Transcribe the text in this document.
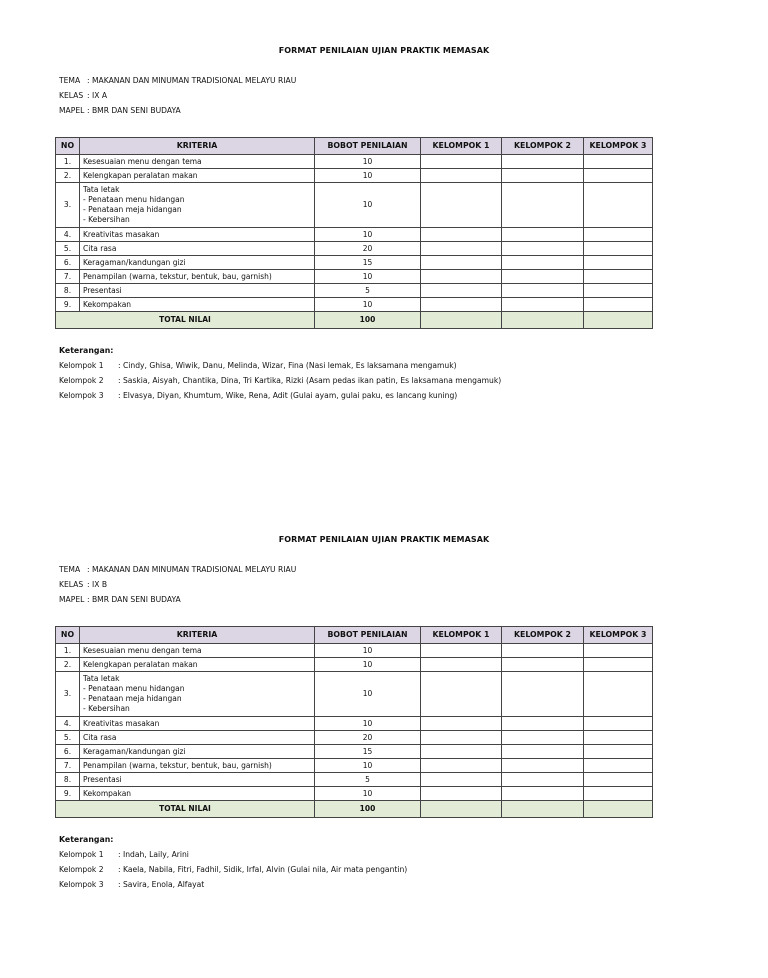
FORMAT PENILAIAN UJIAN PRAKTIK MEMASAK
TEMA : MAKANAN DAN MINUMAN TRADISIONAL MELAYU RIAU
KELAS : IX A
MAPEL : BMR DAN SENI BUDAYA
NO	KRITERIA	BOBOT PENILAIAN	KELOMPOK 1	KELOMPOK 2	KELOMPOK 3
1.	Kesesuaian menu dengan tema	10			
2.	Kelengkapan peralatan makan	10			
3.	Tata letak
- Penataan menu hidangan
- Penataan meja hidangan
- Kebersihan	10			
4.	Kreativitas masakan	10			
5.	Cita rasa	20			
6.	Keragaman/kandungan gizi	15			
7.	Penampilan (warna, tekstur, bentuk, bau, garnish)	10			
8.	Presentasi	5			
9.	Kekompakan	10			
TOTAL NILAI		100			
Keterangan:
Kelompok 1 : Cindy, Ghisa, Wiwik, Danu, Melinda, Wizar, Fina (Nasi lemak, Es laksamana mengamuk)
Kelompok 2 : Saskia, Aisyah, Chantika, Dina, Tri Kartika, Rizki (Asam pedas ikan patin, Es laksamana mengamuk)
Kelompok 3 : Elvasya, Diyan, Khumtum, Wike, Rena, Adit (Gulai ayam, gulai paku, es lancang kuning)
FORMAT PENILAIAN UJIAN PRAKTIK MEMASAK
TEMA : MAKANAN DAN MINUMAN TRADISIONAL MELAYU RIAU
KELAS : IX B
MAPEL : BMR DAN SENI BUDAYA
NO	KRITERIA	BOBOT PENILAIAN	KELOMPOK 1	KELOMPOK 2	KELOMPOK 3
1.	Kesesuaian menu dengan tema	10			
2.	Kelengkapan peralatan makan	10			
3.	Tata letak
- Penataan menu hidangan
- Penataan meja hidangan
- Kebersihan	10			
4.	Kreativitas masakan	10			
5.	Cita rasa	20			
6.	Keragaman/kandungan gizi	15			
7.	Penampilan (warna, tekstur, bentuk, bau, garnish)	10			
8.	Presentasi	5			
9.	Kekompakan	10			
TOTAL NILAI		100			
Keterangan:
Kelompok 1 : Indah, Laily, Arini
Kelompok 2 : Kaela, Nabila, Fitri, Fadhil, Sidik, Irfal, Alvin (Gulai nila, Air mata pengantin)
Kelompok 3 : Savira, Enola, Alfayat
